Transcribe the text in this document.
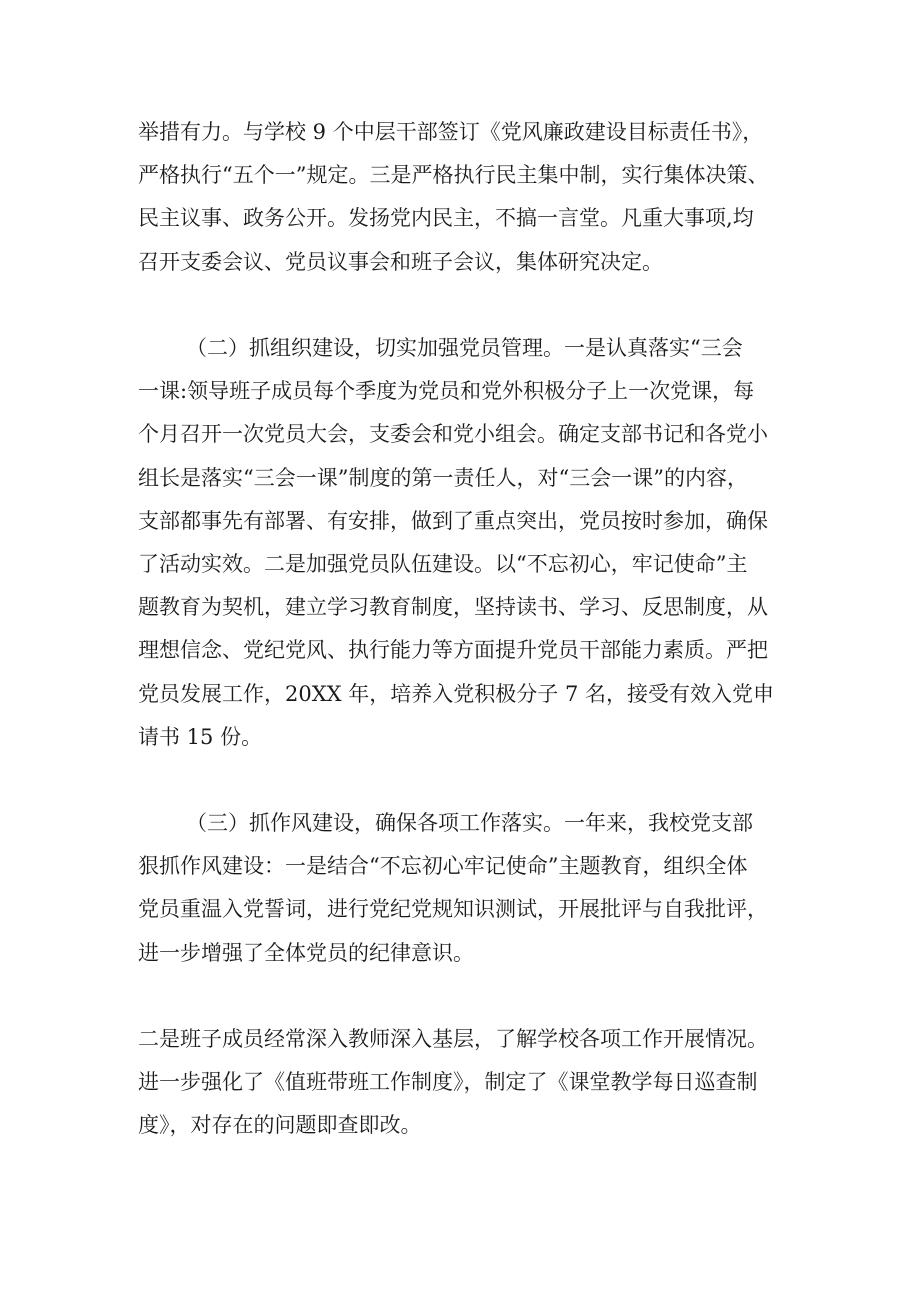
举措有力。与学校 9 个中层干部签订《党风廉政建设目标责任书》，
严格执行“五个一”规定。三是严格执行民主集中制，实行集体决策、
民主议事、政务公开。发扬党内民主，不搞一言堂。凡重大事项,均
召开支委会议、党员议事会和班子会议，集体研究决定。
（二）抓组织建设，切实加强党员管理。一是认真落实“三会
一课:领导班子成员每个季度为党员和党外积极分子上一次党课，每
个月召开一次党员大会，支委会和党小组会。确定支部书记和各党小
组长是落实“三会一课”制度的第一责任人，对“三会一课”的内容，
支部都事先有部署、有安排，做到了重点突出，党员按时参加，确保
了活动实效。二是加强党员队伍建设。以“不忘初心，牢记使命”主
题教育为契机，建立学习教育制度，坚持读书、学习、反思制度，从
理想信念、党纪党风、执行能力等方面提升党员干部能力素质。严把
党员发展工作，20XX 年，培养入党积极分子 7 名，接受有效入党申
请书 15 份。
（三）抓作风建设，确保各项工作落实。一年来，我校党支部
狠抓作风建设：一是结合“不忘初心牢记使命”主题教育，组织全体
党员重温入党誓词，进行党纪党规知识测试，开展批评与自我批评，
进一步增强了全体党员的纪律意识。
二是班子成员经常深入教师深入基层，了解学校各项工作开展情况。
进一步强化了《值班带班工作制度》，制定了《课堂教学每日巡查制
度》，对存在的问题即查即改。
